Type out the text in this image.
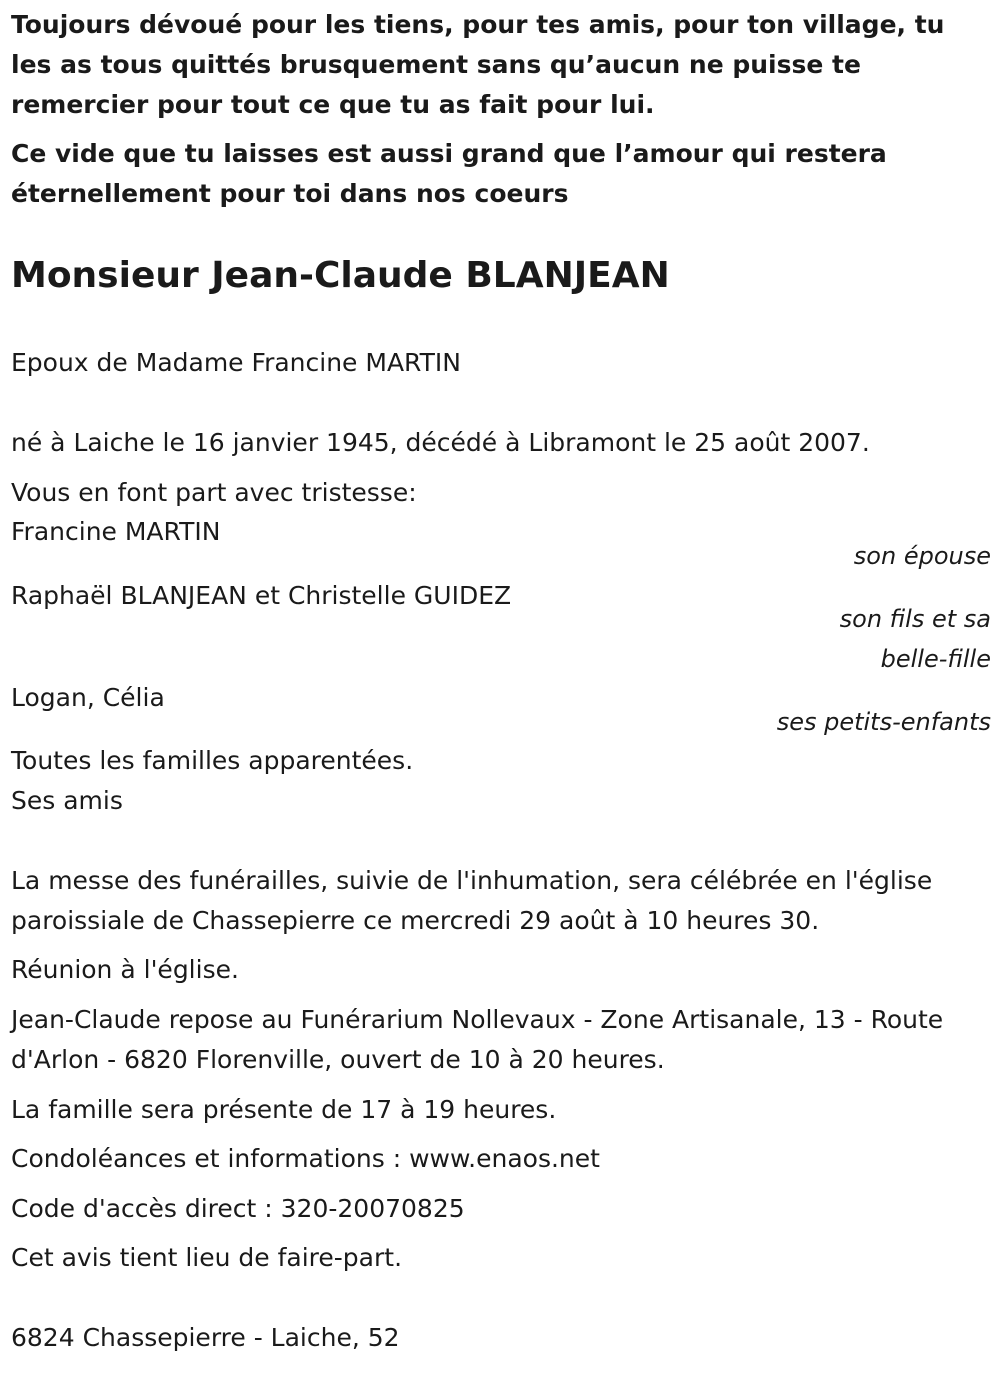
Toujours dévoué pour les tiens, pour tes amis, pour ton village, tu les as tous quittés brusquement sans qu’aucun ne puisse te remercier pour tout ce que tu as fait pour lui.

Ce vide que tu laisses est aussi grand que l’amour qui restera éternellement pour toi dans nos coeurs

Monsieur Jean-Claude BLANJEAN

Epoux de Madame Francine MARTIN

né à Laiche le 16 janvier 1945, décédé à Libramont le 25 août 2007.

Vous en font part avec tristesse:

Francine MARTIN

son épouse

Raphaël BLANJEAN et Christelle GUIDEZ

son fils et sa belle-fille

Logan, Célia

ses petits-enfants

Toutes les familles apparentées.

Ses amis

La messe des funérailles, suivie de l'inhumation, sera célébrée en l'église paroissiale de Chassepierre ce mercredi 29 août à 10 heures 30.

Réunion à l'église.

Jean-Claude repose au Funérarium Nollevaux - Zone Artisanale, 13 - Route d'Arlon - 6820 Florenville, ouvert de 10 à 20 heures.

La famille sera présente de 17 à 19 heures.

Condoléances et informations : www.enaos.net

Code d'accès direct : 320-20070825

Cet avis tient lieu de faire-part.

6824 Chassepierre - Laiche, 52
